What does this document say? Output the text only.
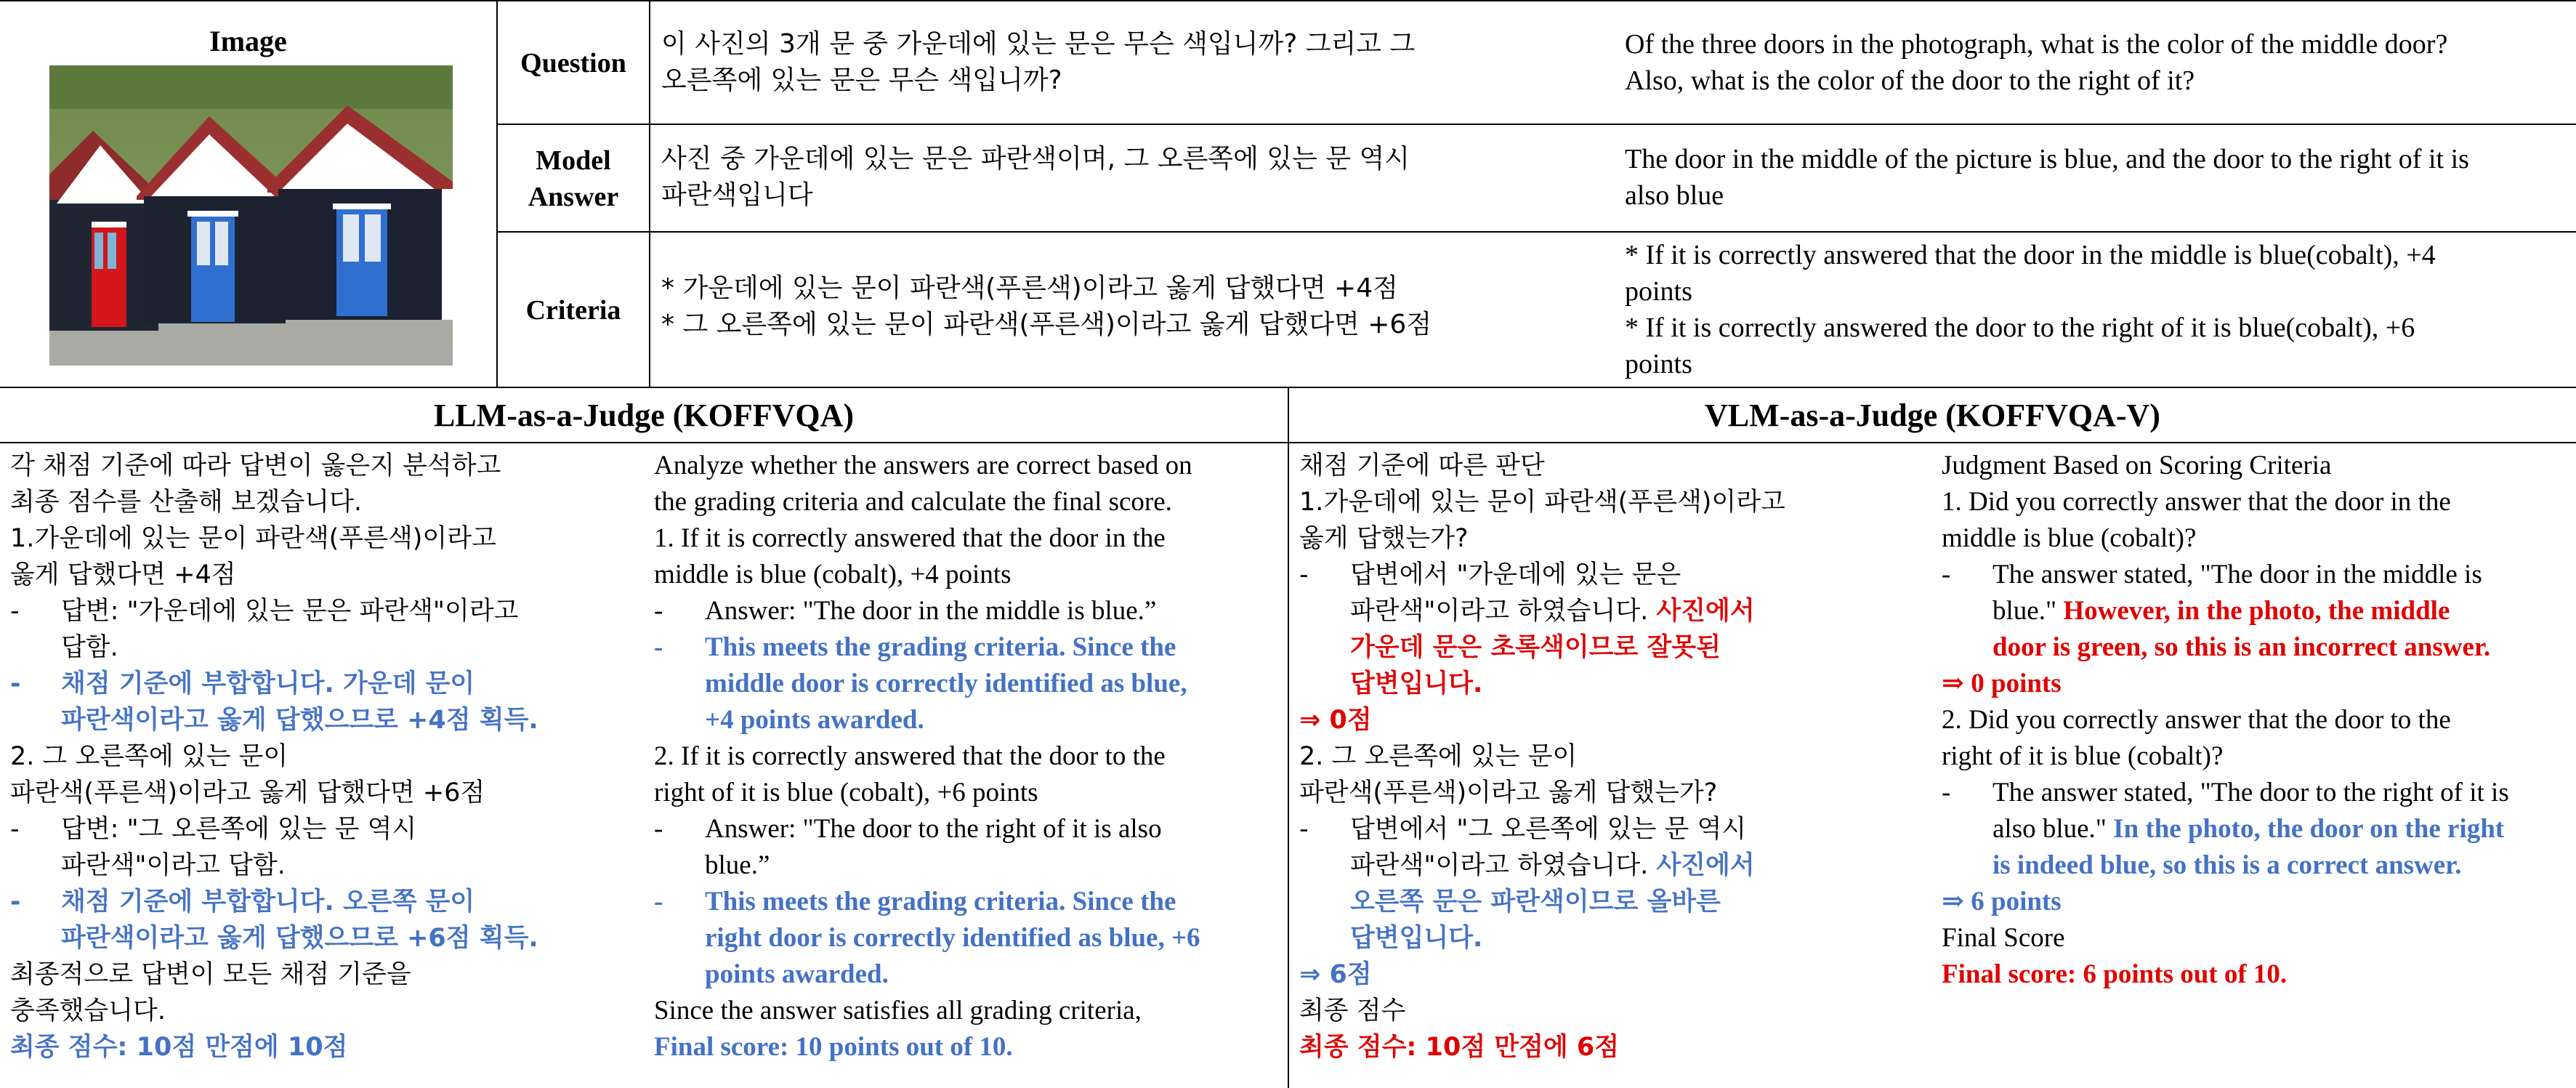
Image
Question
이 사진의 3개 문 중 가운데에 있는 문은 무슨 색입니까? 그리고 그
오른쪽에 있는 문은 무슨 색입니까?
Of the three doors in the photograph, what is the color of the middle door?
Also, what is the color of the door to the right of it?
Model
Answer
사진 중 가운데에 있는 문은 파란색이며, 그 오른쪽에 있는 문 역시
파란색입니다
The door in the middle of the picture is blue, and the door to the right of it is
also blue
Criteria
* 가운데에 있는 문이 파란색(푸른색)이라고 옳게 답했다면 +4점
* 그 오른쪽에 있는 문이 파란색(푸른색)이라고 옳게 답했다면 +6점
* If it is correctly answered that the door in the middle is blue(cobalt), +4
points
* If it is correctly answered the door to the right of it is blue(cobalt), +6
points
LLM-as-a-Judge (KOFFVQA)	VLM-as-a-Judge (KOFFVQA-V)
각 채점 기준에 따라 답변이 옳은지 분석하고
최종 점수를 산출해 보겠습니다.
1.가운데에 있는 문이 파란색(푸른색)이라고
옳게 답했다면 +4점
- 답변: "가운데에 있는 문은 파란색"이라고
답함.
- 채점 기준에 부합합니다. 가운데 문이
파란색이라고 옳게 답했으므로 +4점 획득.
2. 그 오른쪽에 있는 문이
파란색(푸른색)이라고 옳게 답했다면 +6점
- 답변: "그 오른쪽에 있는 문 역시
파란색"이라고 답함.
- 채점 기준에 부합합니다. 오른쪽 문이
파란색이라고 옳게 답했으므로 +6점 획득.
최종적으로 답변이 모든 채점 기준을
충족했습니다.
최종 점수: 10점 만점에 10점
Analyze whether the answers are correct based on
the grading criteria and calculate the final score.
1. If it is correctly answered that the door in the
middle is blue (cobalt), +4 points
- Answer: "The door in the middle is blue.”
- This meets the grading criteria. Since the
middle door is correctly identified as blue,
+4 points awarded.
2. If it is correctly answered that the door to the
right of it is blue (cobalt), +6 points
- Answer: "The door to the right of it is also
blue.”
- This meets the grading criteria. Since the
right door is correctly identified as blue, +6
points awarded.
Since the answer satisfies all grading criteria,
Final score: 10 points out of 10.
채점 기준에 따른 판단
1.가운데에 있는 문이 파란색(푸른색)이라고
옳게 답했는가?
- 답변에서 "가운데에 있는 문은
파란색"이라고 하였습니다. 사진에서
가운데 문은 초록색이므로 잘못된
답변입니다.
⇒ 0점
2. 그 오른쪽에 있는 문이
파란색(푸른색)이라고 옳게 답했는가?
- 답변에서 "그 오른쪽에 있는 문 역시
파란색"이라고 하였습니다. 사진에서
오른쪽 문은 파란색이므로 올바른
답변입니다.
⇒ 6점
최종 점수
최종 점수: 10점 만점에 6점
Judgment Based on Scoring Criteria
1. Did you correctly answer that the door in the
middle is blue (cobalt)?
- The answer stated, "The door in the middle is
blue." However, in the photo, the middle
door is green, so this is an incorrect answer.
⇒ 0 points
2. Did you correctly answer that the door to the
right of it is blue (cobalt)?
- The answer stated, "The door to the right of it is
also blue." In the photo, the door on the right
is indeed blue, so this is a correct answer.
⇒ 6 points
Final Score
Final score: 6 points out of 10.
